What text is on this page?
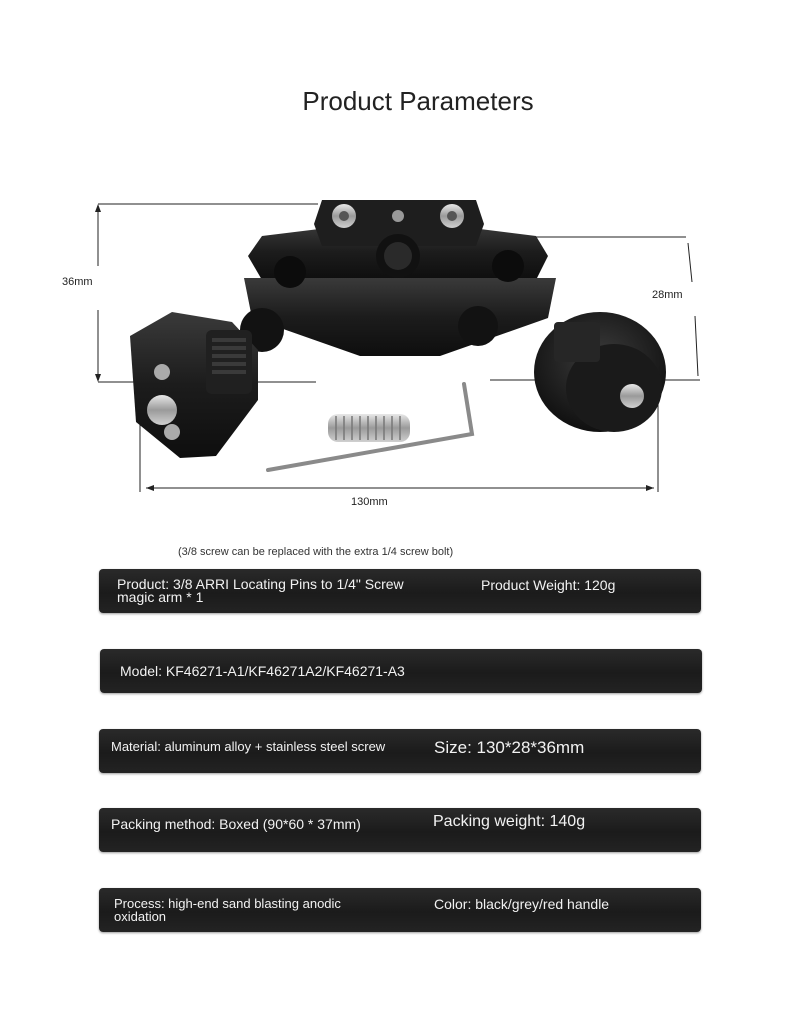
Product Parameters
36mm
28mm
130mm
(3/8 screw can be replaced with the extra 1/4 screw bolt)
Product: 3/8 ARRI Locating Pins to 1/4" Screw magic arm * 1
Product Weight: 120g
Model: KF46271-A1/KF46271A2/KF46271-A3
Material: aluminum alloy + stainless steel screw	Size: 130*28*36mm
Packing method: Boxed (90*60 * 37mm)	Packing weight: 140g
Process: high-end sand blasting anodic oxidation
Color: black/grey/red handle
